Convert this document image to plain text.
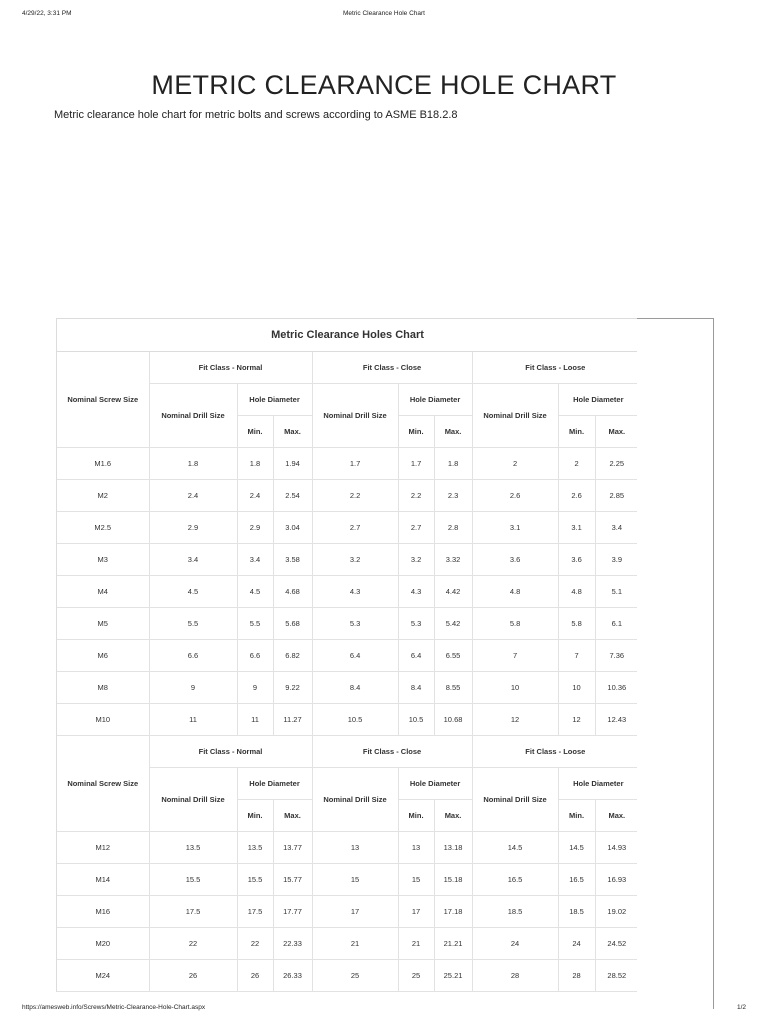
4/29/22, 3:31 PM	Metric Clearance Hole Chart
METRIC CLEARANCE HOLE CHART

Metric clearance hole chart for metric bolts and screws according to ASME B18.2.8

Metric Clearance Holes Chart
Nominal Screw Size	Fit Class - Normal			Fit Class - Close			Fit Class - Loose		
	Nominal Drill Size	Hole Diameter		Nominal Drill Size	Hole Diameter		Nominal Drill Size	Hole Diameter	
		Min.	Max.		Min.	Max.		Min.	Max.
M1.6	1.8	1.8	1.94	1.7	1.7	1.8	2	2	2.25
M2	2.4	2.4	2.54	2.2	2.2	2.3	2.6	2.6	2.85
M2.5	2.9	2.9	3.04	2.7	2.7	2.8	3.1	3.1	3.4
M3	3.4	3.4	3.58	3.2	3.2	3.32	3.6	3.6	3.9
M4	4.5	4.5	4.68	4.3	4.3	4.42	4.8	4.8	5.1
M5	5.5	5.5	5.68	5.3	5.3	5.42	5.8	5.8	6.1
M6	6.6	6.6	6.82	6.4	6.4	6.55	7	7	7.36
M8	9	9	9.22	8.4	8.4	8.55	10	10	10.36
M10	11	11	11.27	10.5	10.5	10.68	12	12	12.43
Nominal Screw Size	Fit Class - Normal			Fit Class - Close			Fit Class - Loose		
	Nominal Drill Size	Hole Diameter		Nominal Drill Size	Hole Diameter		Nominal Drill Size	Hole Diameter	
		Min.	Max.		Min.	Max.		Min.	Max.
M12	13.5	13.5	13.77	13	13	13.18	14.5	14.5	14.93
M14	15.5	15.5	15.77	15	15	15.18	16.5	16.5	16.93
M16	17.5	17.5	17.77	17	17	17.18	18.5	18.5	19.02
M20	22	22	22.33	21	21	21.21	24	24	24.52
M24	26	26	26.33	25	25	25.21	28	28	28.52
https://amesweb.info/Screws/Metric-Clearance-Hole-Chart.aspx	1/2
